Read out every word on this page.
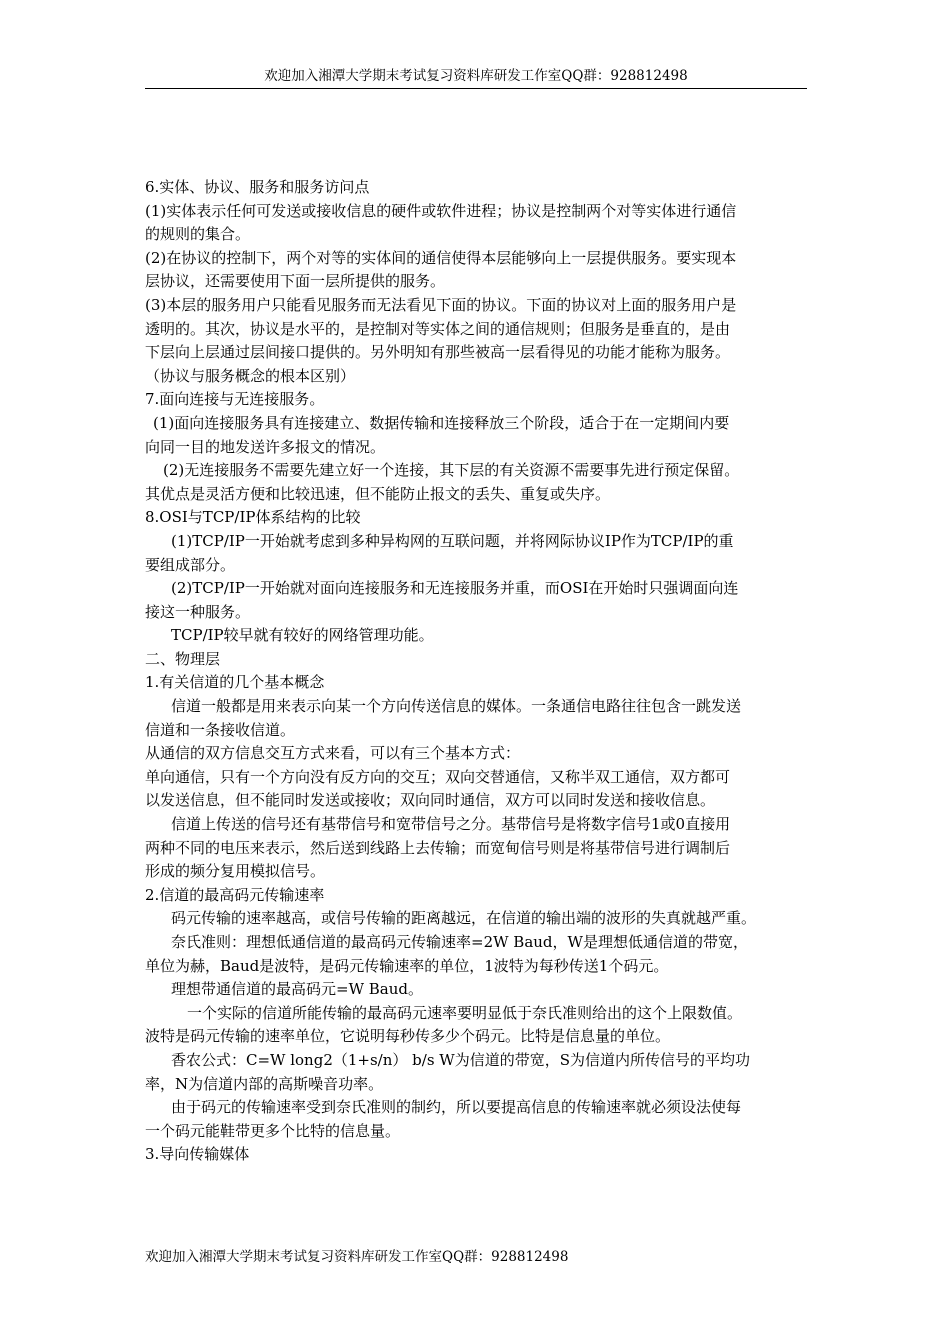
欢迎加入湘潭大学期末考试复习资料库研发工作室QQ群：928812498
6.实体、协议、服务和服务访问点
(1)实体表示任何可发送或接收信息的硬件或软件进程；协议是控制两个对等实体进行通信
的规则的集合。
(2)在协议的控制下，两个对等的实体间的通信使得本层能够向上一层提供服务。要实现本
层协议，还需要使用下面一层所提供的服务。
(3)本层的服务用户只能看见服务而无法看见下面的协议。下面的协议对上面的服务用户是
透明的。其次，协议是水平的，是控制对等实体之间的通信规则；但服务是垂直的，是由
下层向上层通过层间接口提供的。另外明知有那些被高一层看得见的功能才能称为服务。
（协议与服务概念的根本区别）
7.面向连接与无连接服务。
(1)面向连接服务具有连接建立、数据传输和连接释放三个阶段，适合于在一定期间内要
向同一目的地发送许多报文的情况。
(2)无连接服务不需要先建立好一个连接，其下层的有关资源不需要事先进行预定保留。
其优点是灵活方便和比较迅速，但不能防止报文的丢失、重复或失序。
8.OSI与TCP/IP体系结构的比较
(1)TCP/IP一开始就考虑到多种异构网的互联问题，并将网际协议IP作为TCP/IP的重
要组成部分。
(2)TCP/IP一开始就对面向连接服务和无连接服务并重，而OSI在开始时只强调面向连
接这一种服务。
TCP/IP较早就有较好的网络管理功能。
二、物理层
1.有关信道的几个基本概念
信道一般都是用来表示向某一个方向传送信息的媒体。一条通信电路往往包含一跳发送
信道和一条接收信道。
从通信的双方信息交互方式来看，可以有三个基本方式：
单向通信，只有一个方向没有反方向的交互；双向交替通信，又称半双工通信，双方都可
以发送信息，但不能同时发送或接收；双向同时通信，双方可以同时发送和接收信息。
信道上传送的信号还有基带信号和宽带信号之分。基带信号是将数字信号1或0直接用
两种不同的电压来表示，然后送到线路上去传输；而宽甸信号则是将基带信号进行调制后
形成的频分复用模拟信号。
2.信道的最高码元传输速率
码元传输的速率越高，或信号传输的距离越远，在信道的输出端的波形的失真就越严重。
奈氏准则：理想低通信道的最高码元传输速率=2W Baud，W是理想低通信道的带宽，
单位为赫，Baud是波特，是码元传输速率的单位，1波特为每秒传送1个码元。
理想带通信道的最高码元=W Baud。
一个实际的信道所能传输的最高码元速率要明显低于奈氏准则给出的这个上限数值。
波特是码元传输的速率单位，它说明每秒传多少个码元。比特是信息量的单位。
香农公式：C=W long2（1+s/n） b/s W为信道的带宽，S为信道内所传信号的平均功
率，N为信道内部的高斯噪音功率。
由于码元的传输速率受到奈氏准则的制约，所以要提高信息的传输速率就必须设法使每
一个码元能鞋带更多个比特的信息量。
3.导向传输媒体
欢迎加入湘潭大学期末考试复习资料库研发工作室QQ群：928812498
